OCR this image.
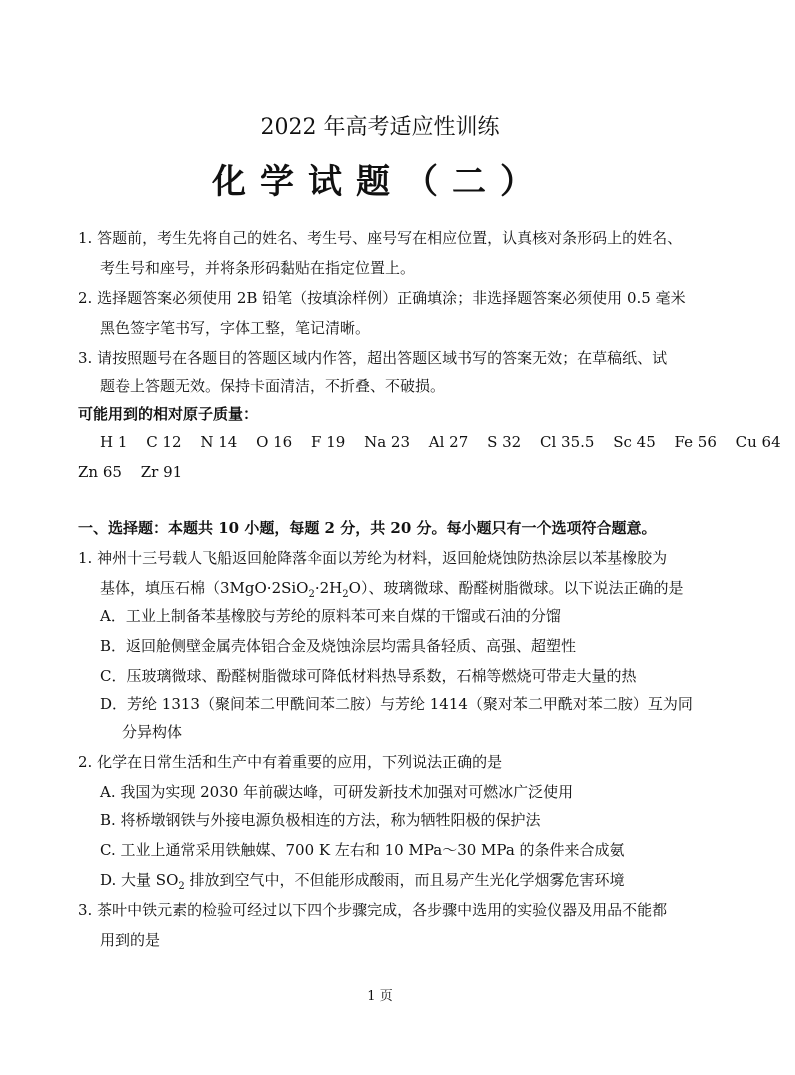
2022 年高考适应性训练
化学试题（二）
1. 答题前，考生先将自己的姓名、考生号、座号写在相应位置，认真核对条形码上的姓名、
考生号和座号，并将条形码黏贴在指定位置上。
2. 选择题答案必须使用 2B 铅笔（按填涂样例）正确填涂；非选择题答案必须使用 0.5 毫米
黑色签字笔书写，字体工整，笔记清晰。
3. 请按照题号在各题目的答题区域内作答，超出答题区域书写的答案无效；在草稿纸、试
题卷上答题无效。保持卡面清洁，不折叠、不破损。
可能用到的相对原子质量：
H 1 C 12 N 14 O 16 F 19 Na 23 Al 27 S 32 Cl 35.5 Sc 45 Fe 56 Cu 64
Zn 65 Zr 91
一、选择题：本题共 10 小题，每题 2 分，共 20 分。每小题只有一个选项符合题意。
1. 神州十三号载人飞船返回舱降落伞面以芳纶为材料，返回舱烧蚀防热涂层以苯基橡胶为
基体，填压石棉$(3MgO\cdot 2SiO_2\cdot 2H_2O)$、玻璃微球、酚醛树脂微球。以下说法正确的是
A．工业上制备苯基橡胶与芳纶的原料苯可来自煤的干馏或石油的分馏
B．返回舱侧壁金属壳体铝合金及烧蚀涂层均需具备轻质、高强、超塑性
C．压玻璃微球、酚醛树脂微球可降低材料热导系数，石棉等燃烧可带走大量的热
D．芳纶 1313（聚间苯二甲酰间苯二胺）与芳纶 1414（聚对苯二甲酰对苯二胺）互为同
分异构体
2. 化学在日常生活和生产中有着重要的应用，下列说法正确的是
A. 我国为实现 2030 年前碳达峰，可研发新技术加强对可燃冰广泛使用
B. 将桥墩钢铁与外接电源负极相连的方法，称为牺牲阳极的保护法
C. 工业上通常采用铁触媒、700 K 左右和 10 MPa～30 MPa 的条件来合成氨
D. 大量 $SO_2$ 排放到空气中，不但能形成酸雨，而且易产生光化学烟雾危害环境
3. 茶叶中铁元素的检验可经过以下四个步骤完成，各步骤中选用的实验仪器及用品不能都
用到的是
1 页
